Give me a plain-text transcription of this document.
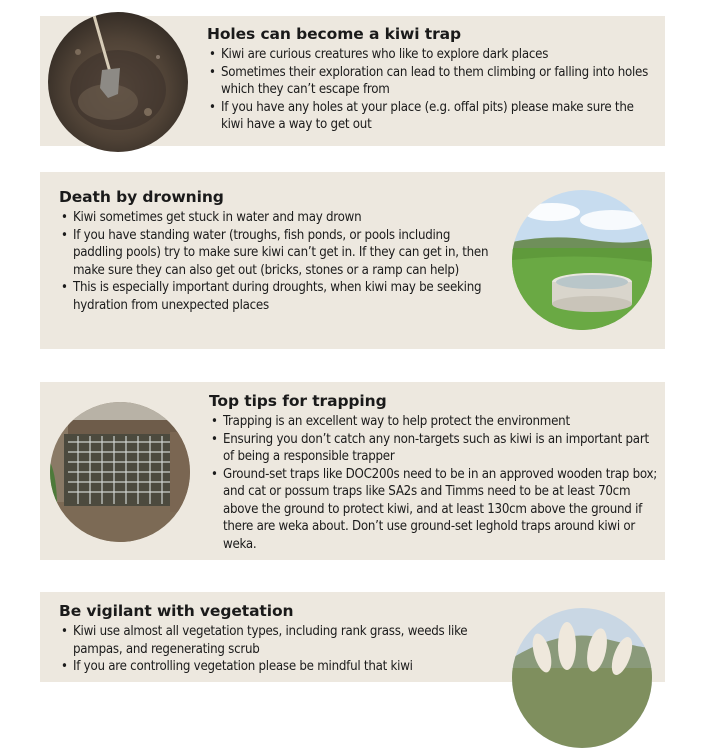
Holes can become a kiwi trap
• Kiwi are curious creatures who like to explore dark places
• Sometimes their exploration can lead to them climbing or falling into holes which they can’t escape from
• If you have any holes at your place (e.g. offal pits) please make sure the kiwi have a way to get out
Death by drowning
• Kiwi sometimes get stuck in water and may drown
• If you have standing water (troughs, fish ponds, or pools including paddling pools) try to make sure kiwi can’t get in. If they can get in, then make sure they can also get out (bricks, stones or a ramp can help)
• This is especially important during droughts, when kiwi may be seeking hydration from unexpected places
Top tips for trapping
• Trapping is an excellent way to help protect the environment
• Ensuring you don’t catch any non-targets such as kiwi is an important part of being a responsible trapper
• Ground-set traps like DOC200s need to be in an approved wooden trap box; and cat or possum traps like SA2s and Timms need to be at least 70cm above the ground to protect kiwi, and at least 130cm above the ground if there are weka about. Don’t use ground-set leghold traps around kiwi or weka.
Be vigilant with vegetation
• Kiwi use almost all vegetation types, including rank grass, weeds like pampas, and regenerating scrub
• If you are controlling vegetation please be mindful that kiwi
